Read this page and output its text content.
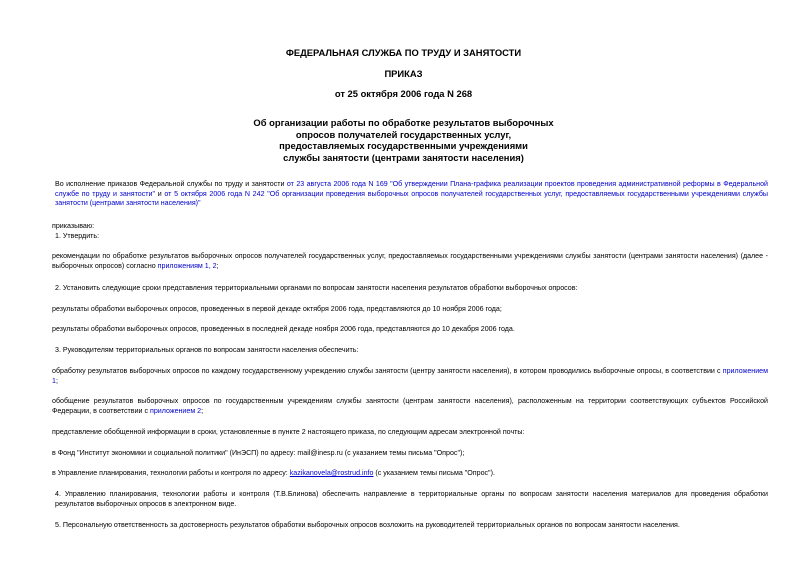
ФЕДЕРАЛЬНАЯ СЛУЖБА ПО ТРУДУ И ЗАНЯТОСТИ
ПРИКАЗ
от 25 октября 2006 года N 268
Об организации работы по обработке результатов выборочных
опросов получателей государственных услуг,
предоставляемых государственными учреждениями
службы занятости (центрами занятости населения)
Во исполнение приказов Федеральной службы по труду и занятости от 23 августа 2006 года N 169 "Об утверждении Плана-графика реализации проектов проведения административной реформы в Федеральной службе по труду и занятости" и от 5 октября 2006 года N 242 "Об организации проведения выборочных опросов получателей государственных услуг, предоставляемых государственными учреждениями службы занятости (центрами занятости населения)"
приказываю:
1. Утвердить:
рекомендации по обработке результатов выборочных опросов получателей государственных услуг, предоставляемых государственными учреждениями службы занятости (центрами занятости населения) (далее - выборочных опросов) согласно приложениям 1, 2;
2. Установить следующие сроки представления территориальными органами по вопросам занятости населения результатов обработки выборочных опросов:
результаты обработки выборочных опросов, проведенных в первой декаде октября 2006 года, представляются до 10 ноября 2006 года;
результаты обработки выборочных опросов, проведенных в последней декаде ноября 2006 года, представляются до 10 декабря 2006 года.
3. Руководителям территориальных органов по вопросам занятости населения обеспечить:
обработку результатов выборочных опросов по каждому государственному учреждению службы занятости (центру занятости населения), в котором проводились выборочные опросы, в соответствии с приложением 1;
обобщение результатов выборочных опросов по государственным учреждениям службы занятости (центрам занятости населения), расположенным на территории соответствующих субъектов Российской Федерации, в соответствии с приложением 2;
представление обобщенной информации в сроки, установленные в пункте 2 настоящего приказа, по следующим адресам электронной почты:
в Фонд "Институт экономики и социальной политики" (ИнЭСП) по адресу: mail@inesp.ru (с указанием темы письма "Опрос");
в Управление планирования, технологии работы и контроля по адресу: kazikanovela@rostrud.info (с указанием темы письма "Опрос").
4. Управлению планирования, технологии работы и контроля (Т.В.Блинова) обеспечить направление в территориальные органы по вопросам занятости населения материалов для проведения обработки результатов выборочных опросов в электронном виде.
5. Персональную ответственность за достоверность результатов обработки выборочных опросов возложить на руководителей территориальных органов по вопросам занятости населения.
